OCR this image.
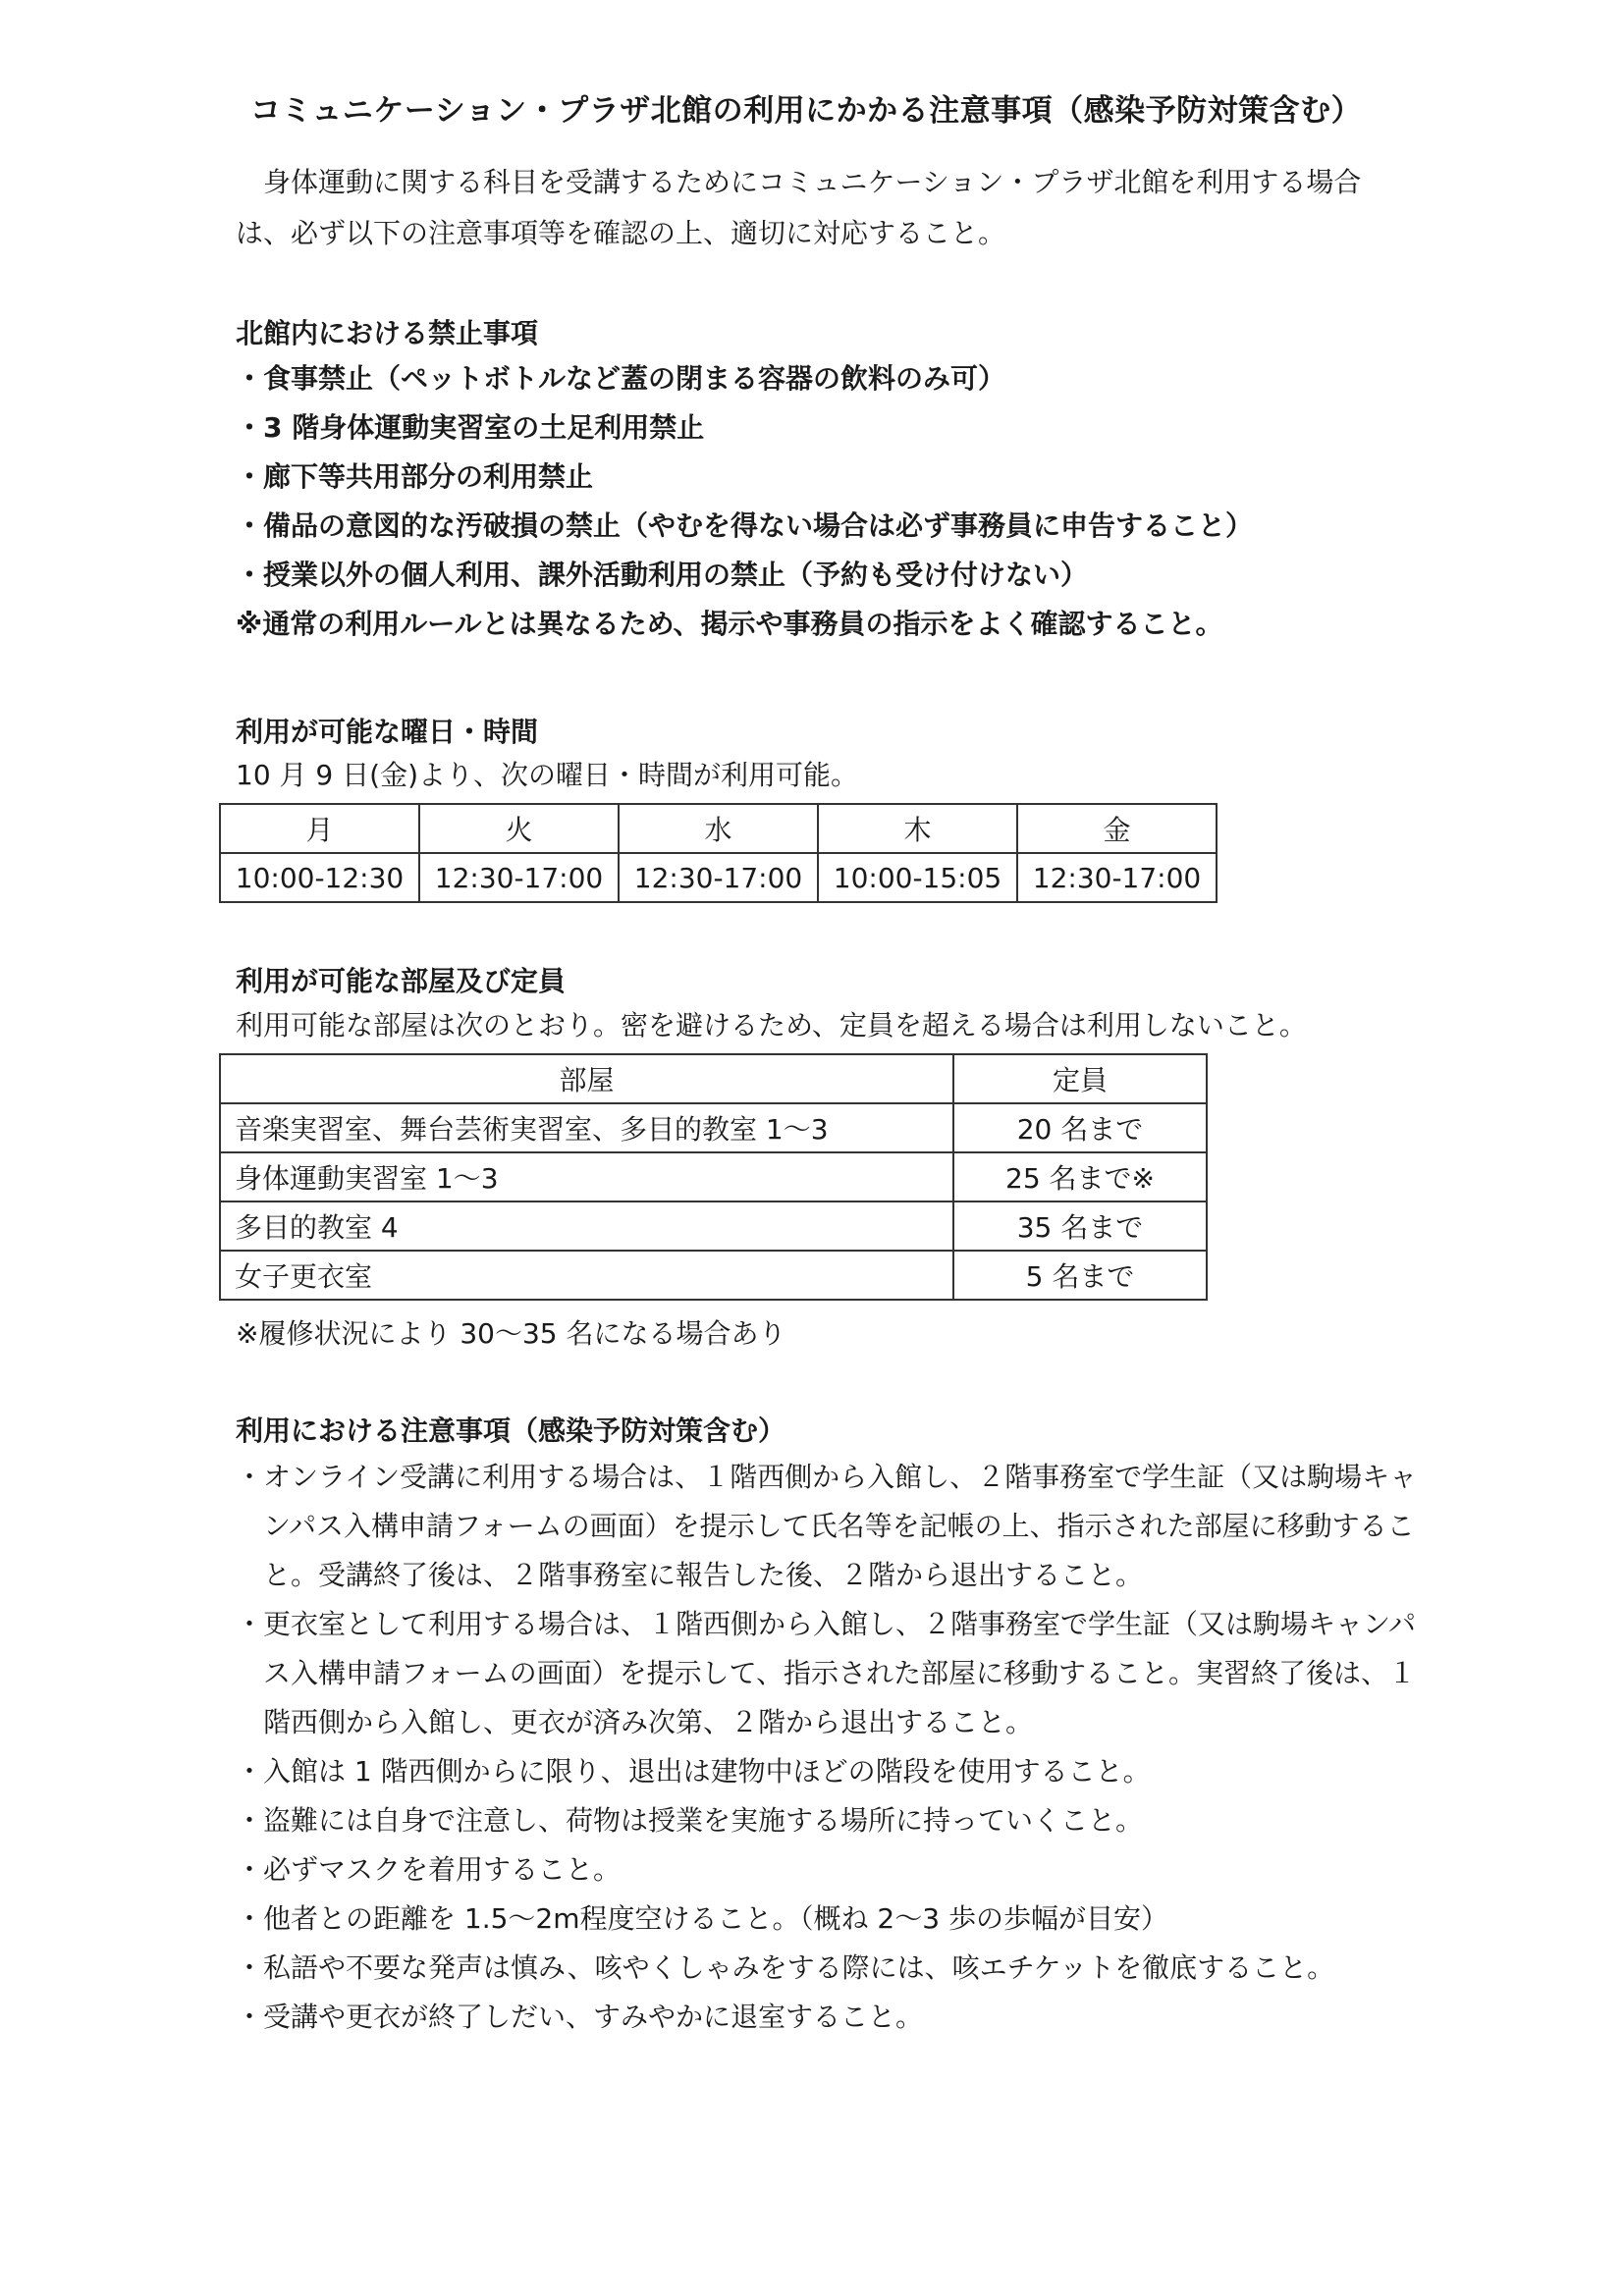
コミュニケーション・プラザ北館の利用にかかる注意事項（感染予防対策含む）
身体運動に関する科目を受講するためにコミュニケーション・プラザ北館を利用する場合は、必ず以下の注意事項等を確認の上、適切に対応すること。
北館内における禁止事項
・食事禁止（ペットボトルなど蓋の閉まる容器の飲料のみ可）
・3 階身体運動実習室の土足利用禁止
・廊下等共用部分の利用禁止
・備品の意図的な汚破損の禁止（やむを得ない場合は必ず事務員に申告すること）
・授業以外の個人利用、課外活動利用の禁止（予約も受け付けない）
※通常の利用ルールとは異なるため、掲示や事務員の指示をよく確認すること。
利用が可能な曜日・時間
10 月 9 日(金)より、次の曜日・時間が利用可能。
月	火	水	木	金
10:00-12:30	12:30-17:00	12:30-17:00	10:00-15:05	12:30-17:00
利用が可能な部屋及び定員
利用可能な部屋は次のとおり。密を避けるため、定員を超える場合は利用しないこと。
部屋	定員
音楽実習室、舞台芸術実習室、多目的教室 1〜3	20 名まで
身体運動実習室 1〜3	25 名まで※
多目的教室 4	35 名まで
女子更衣室	5 名まで
※履修状況により 30〜35 名になる場合あり
利用における注意事項（感染予防対策含む）
・オンライン受講に利用する場合は、１階西側から入館し、２階事務室で学生証（又は駒場キャンパス入構申請フォームの画面）を提示して氏名等を記帳の上、指示された部屋に移動すること。受講終了後は、２階事務室に報告した後、２階から退出すること。
・更衣室として利用する場合は、１階西側から入館し、２階事務室で学生証（又は駒場キャンパス入構申請フォームの画面）を提示して、指示された部屋に移動すること。実習終了後は、１階西側から入館し、更衣が済み次第、２階から退出すること。
・入館は 1 階西側からに限り、退出は建物中ほどの階段を使用すること。
・盗難には自身で注意し、荷物は授業を実施する場所に持っていくこと。
・必ずマスクを着用すること。
・他者との距離を 1.5〜2m程度空けること。（概ね 2〜3 歩の歩幅が目安）
・私語や不要な発声は慎み、咳やくしゃみをする際には、咳エチケットを徹底すること。
・受講や更衣が終了しだい、すみやかに退室すること。
